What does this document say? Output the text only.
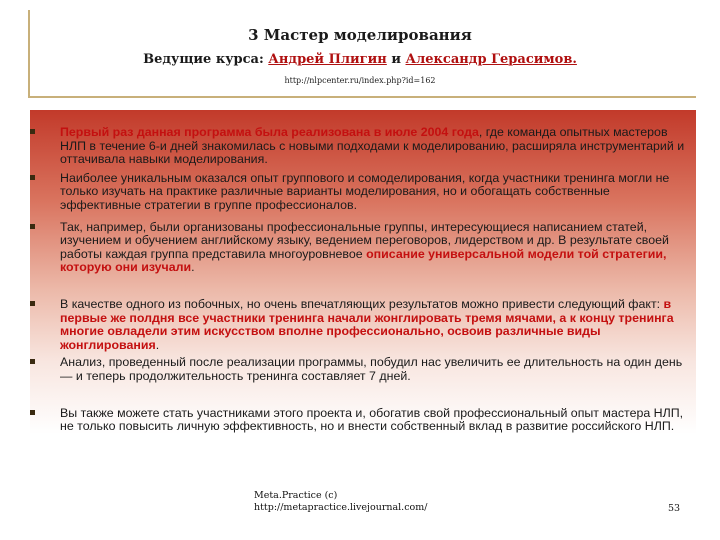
3 Мастер моделирования
Ведущие курса: Андрей Плигин и Александр Герасимов.
http://nlpcenter.ru/index.php?id=162
Первый раз данная программа была реализована в июле 2004 года, где команда опытных мастеров НЛП в течение 6-и дней знакомилась с новыми подходами к моделированию, расширяла инструментарий и оттачивала навыки моделирования.
Наиболее уникальным оказался опыт группового и сомоделирования, когда участники тренинга могли не только изучать на практике различные варианты моделирования, но и обогащать собственные эффективные стратегии в группе профессионалов.
Так, например, были организованы профессиональные группы, интересующиеся написанием статей, изучением и обучением английскому языку, ведением переговоров, лидерством и др. В результате своей работы каждая группа представила многоуровневое описание универсальной модели той стратегии, которую они изучали.
В качестве одного из побочных, но очень впечатляющих результатов можно привести следующий факт: в первые же полдня все участники тренинга начали жонглировать тремя мячами, а к концу тренинга многие овладели этим искусством вполне профессионально, освоив различные виды жонглирования.
Анализ, проведенный после реализации программы, побудил нас увеличить ее длительность на один день — и теперь продолжительность тренинга составляет 7 дней.
Вы также можете стать участниками этого проекта и, обогатив свой профессиональный опыт мастера НЛП, не только повысить личную эффективность, но и внести собственный вклад в развитие российского НЛП.
Meta.Practice (c)
http://metapractice.livejournal.com/	53
